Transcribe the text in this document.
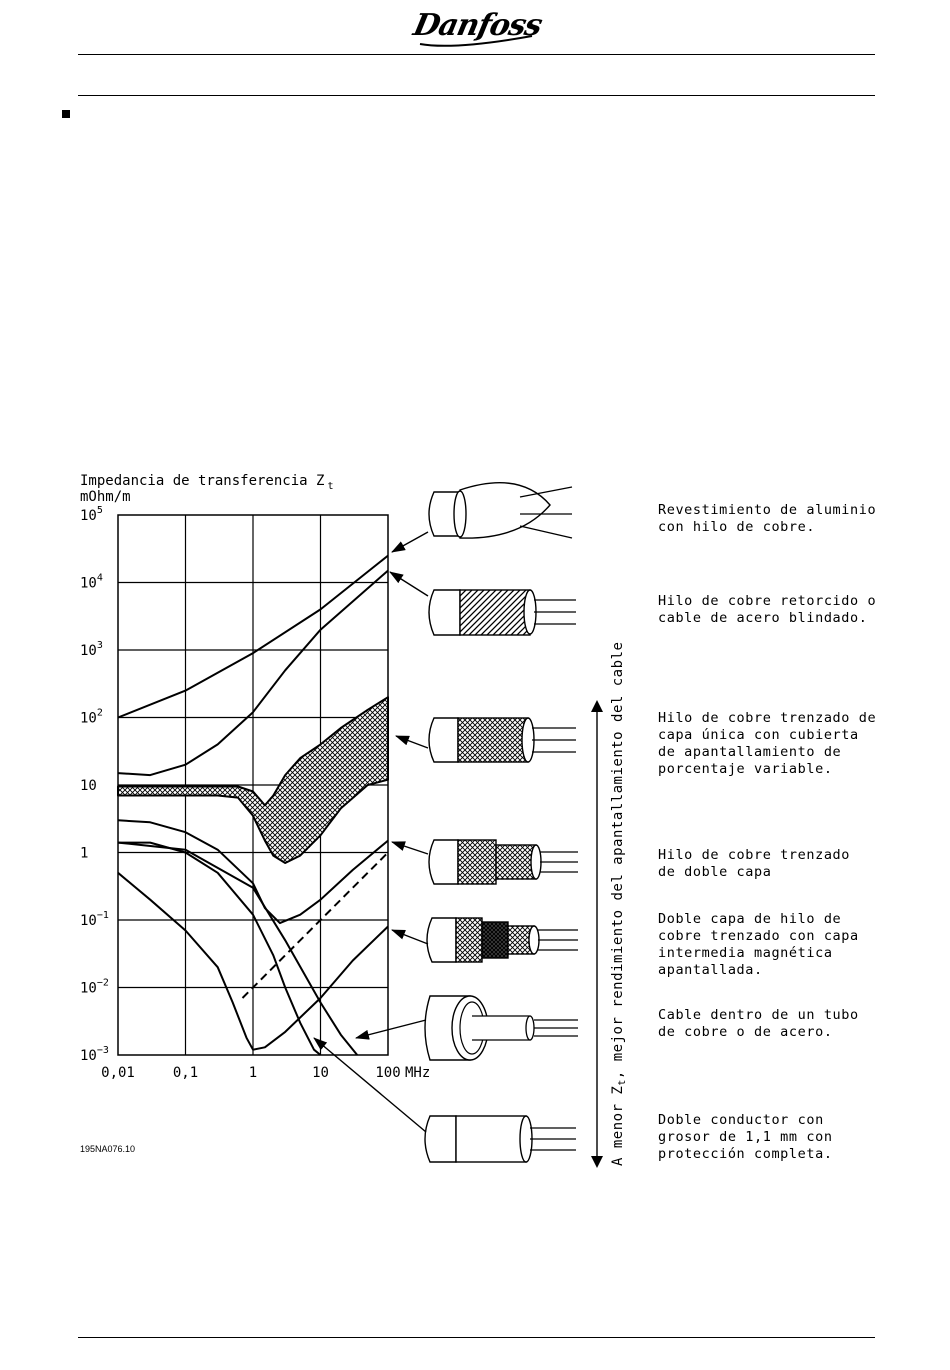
Danfoss
Impedancia de transferencia Z $_t$
mOhm/m
$10^5$
$10^4$
$10^3$
$10^2$
10
1
$10^{-1}$
$10^{-2}$
$10^{-3}$
0,01	0,1	1	10	100 MHz
195NA076.10	A menor $Z_t$, mejor rendimiento del apantallamiento del cable
Revestimiento de aluminio
con hilo de cobre.
Hilo de cobre retorcido o
cable de acero blindado.
Hilo de cobre trenzado de
capa única con cubierta
de apantallamiento de
porcentaje variable.
Hilo de cobre trenzado
de doble capa
Doble capa de hilo de
cobre trenzado con capa
intermedia magnética
apantallada.
Cable dentro de un tubo
de cobre o de acero.
Doble conductor con
grosor de 1,1 mm con
protección completa.
